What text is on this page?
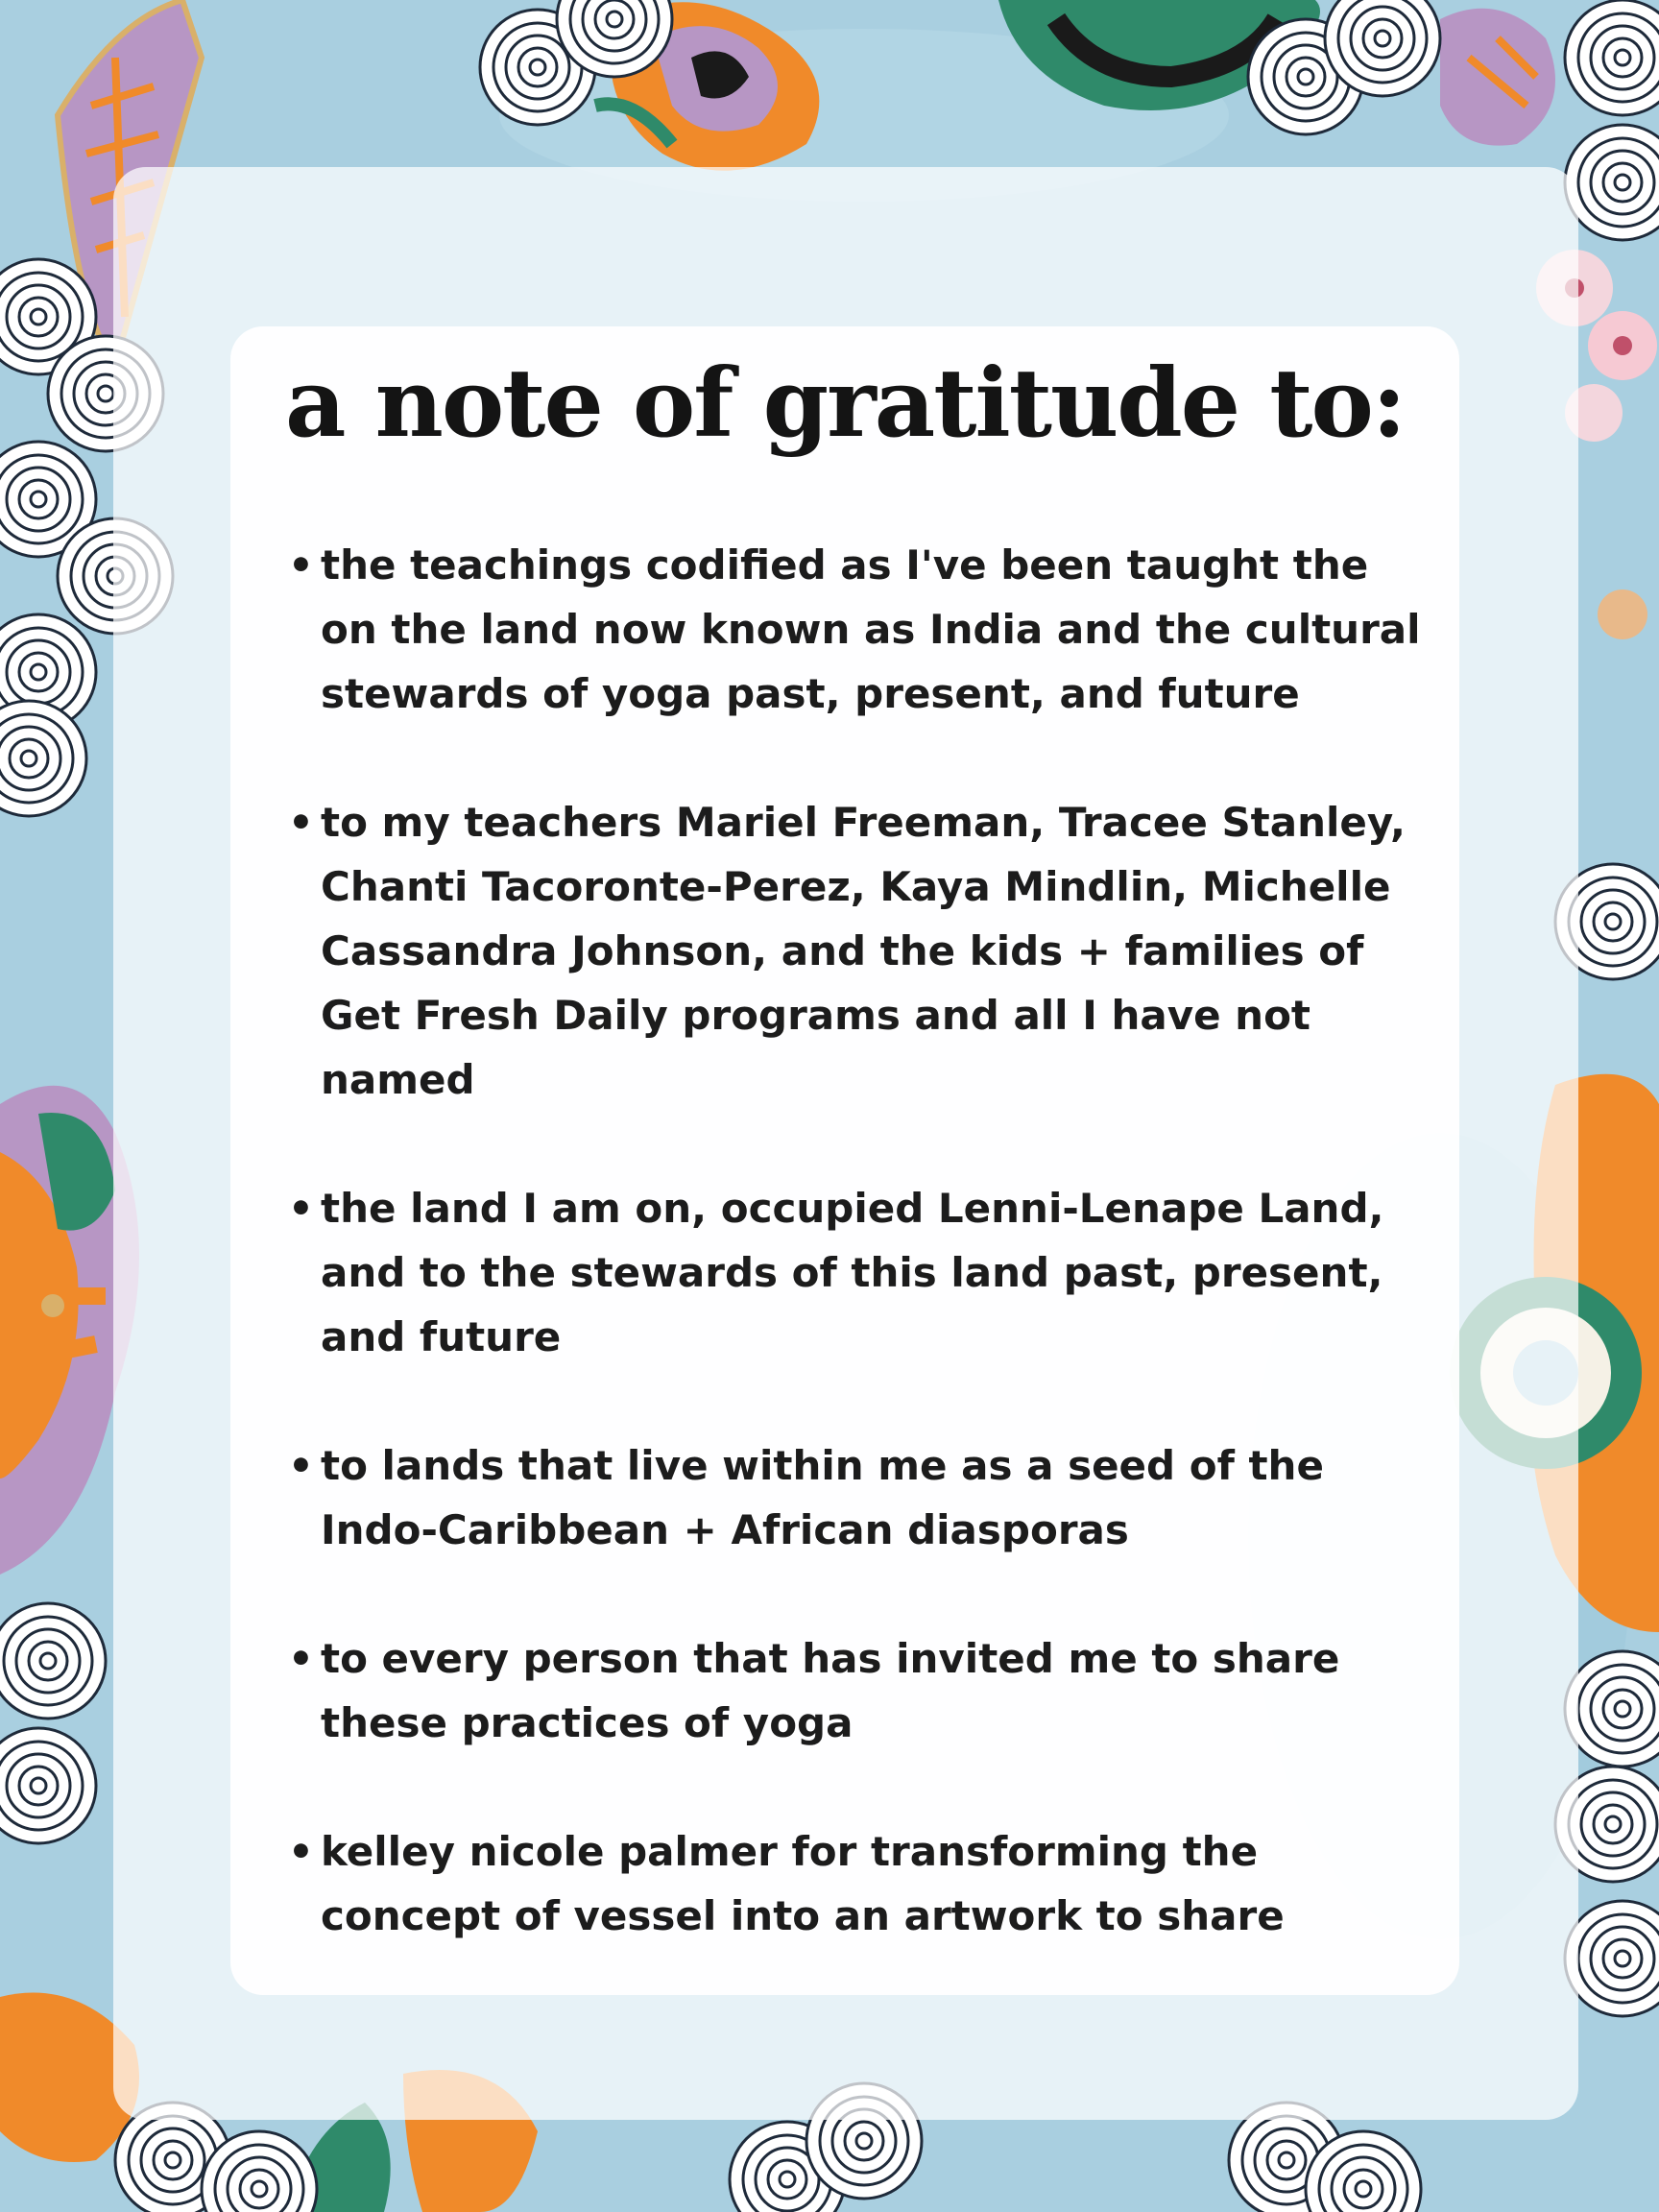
a note of gratitude to:
• the teachings codified as I've been taught the on the land now known as India and the cultural stewards of yoga past, present, and future
• to my teachers Mariel Freeman, Tracee Stanley, Chanti Tacoronte-Perez, Kaya Mindlin, Michelle Cassandra Johnson, and the kids + families of Get Fresh Daily programs and all I have not named
• the land I am on, occupied Lenni-Lenape Land, and to the stewards of this land past, present, and future
• to lands that live within me as a seed of the Indo-Caribbean + African diasporas
• to every person that has invited me to share these practices of yoga
• kelley nicole palmer for transforming the concept of vessel into an artwork to share
